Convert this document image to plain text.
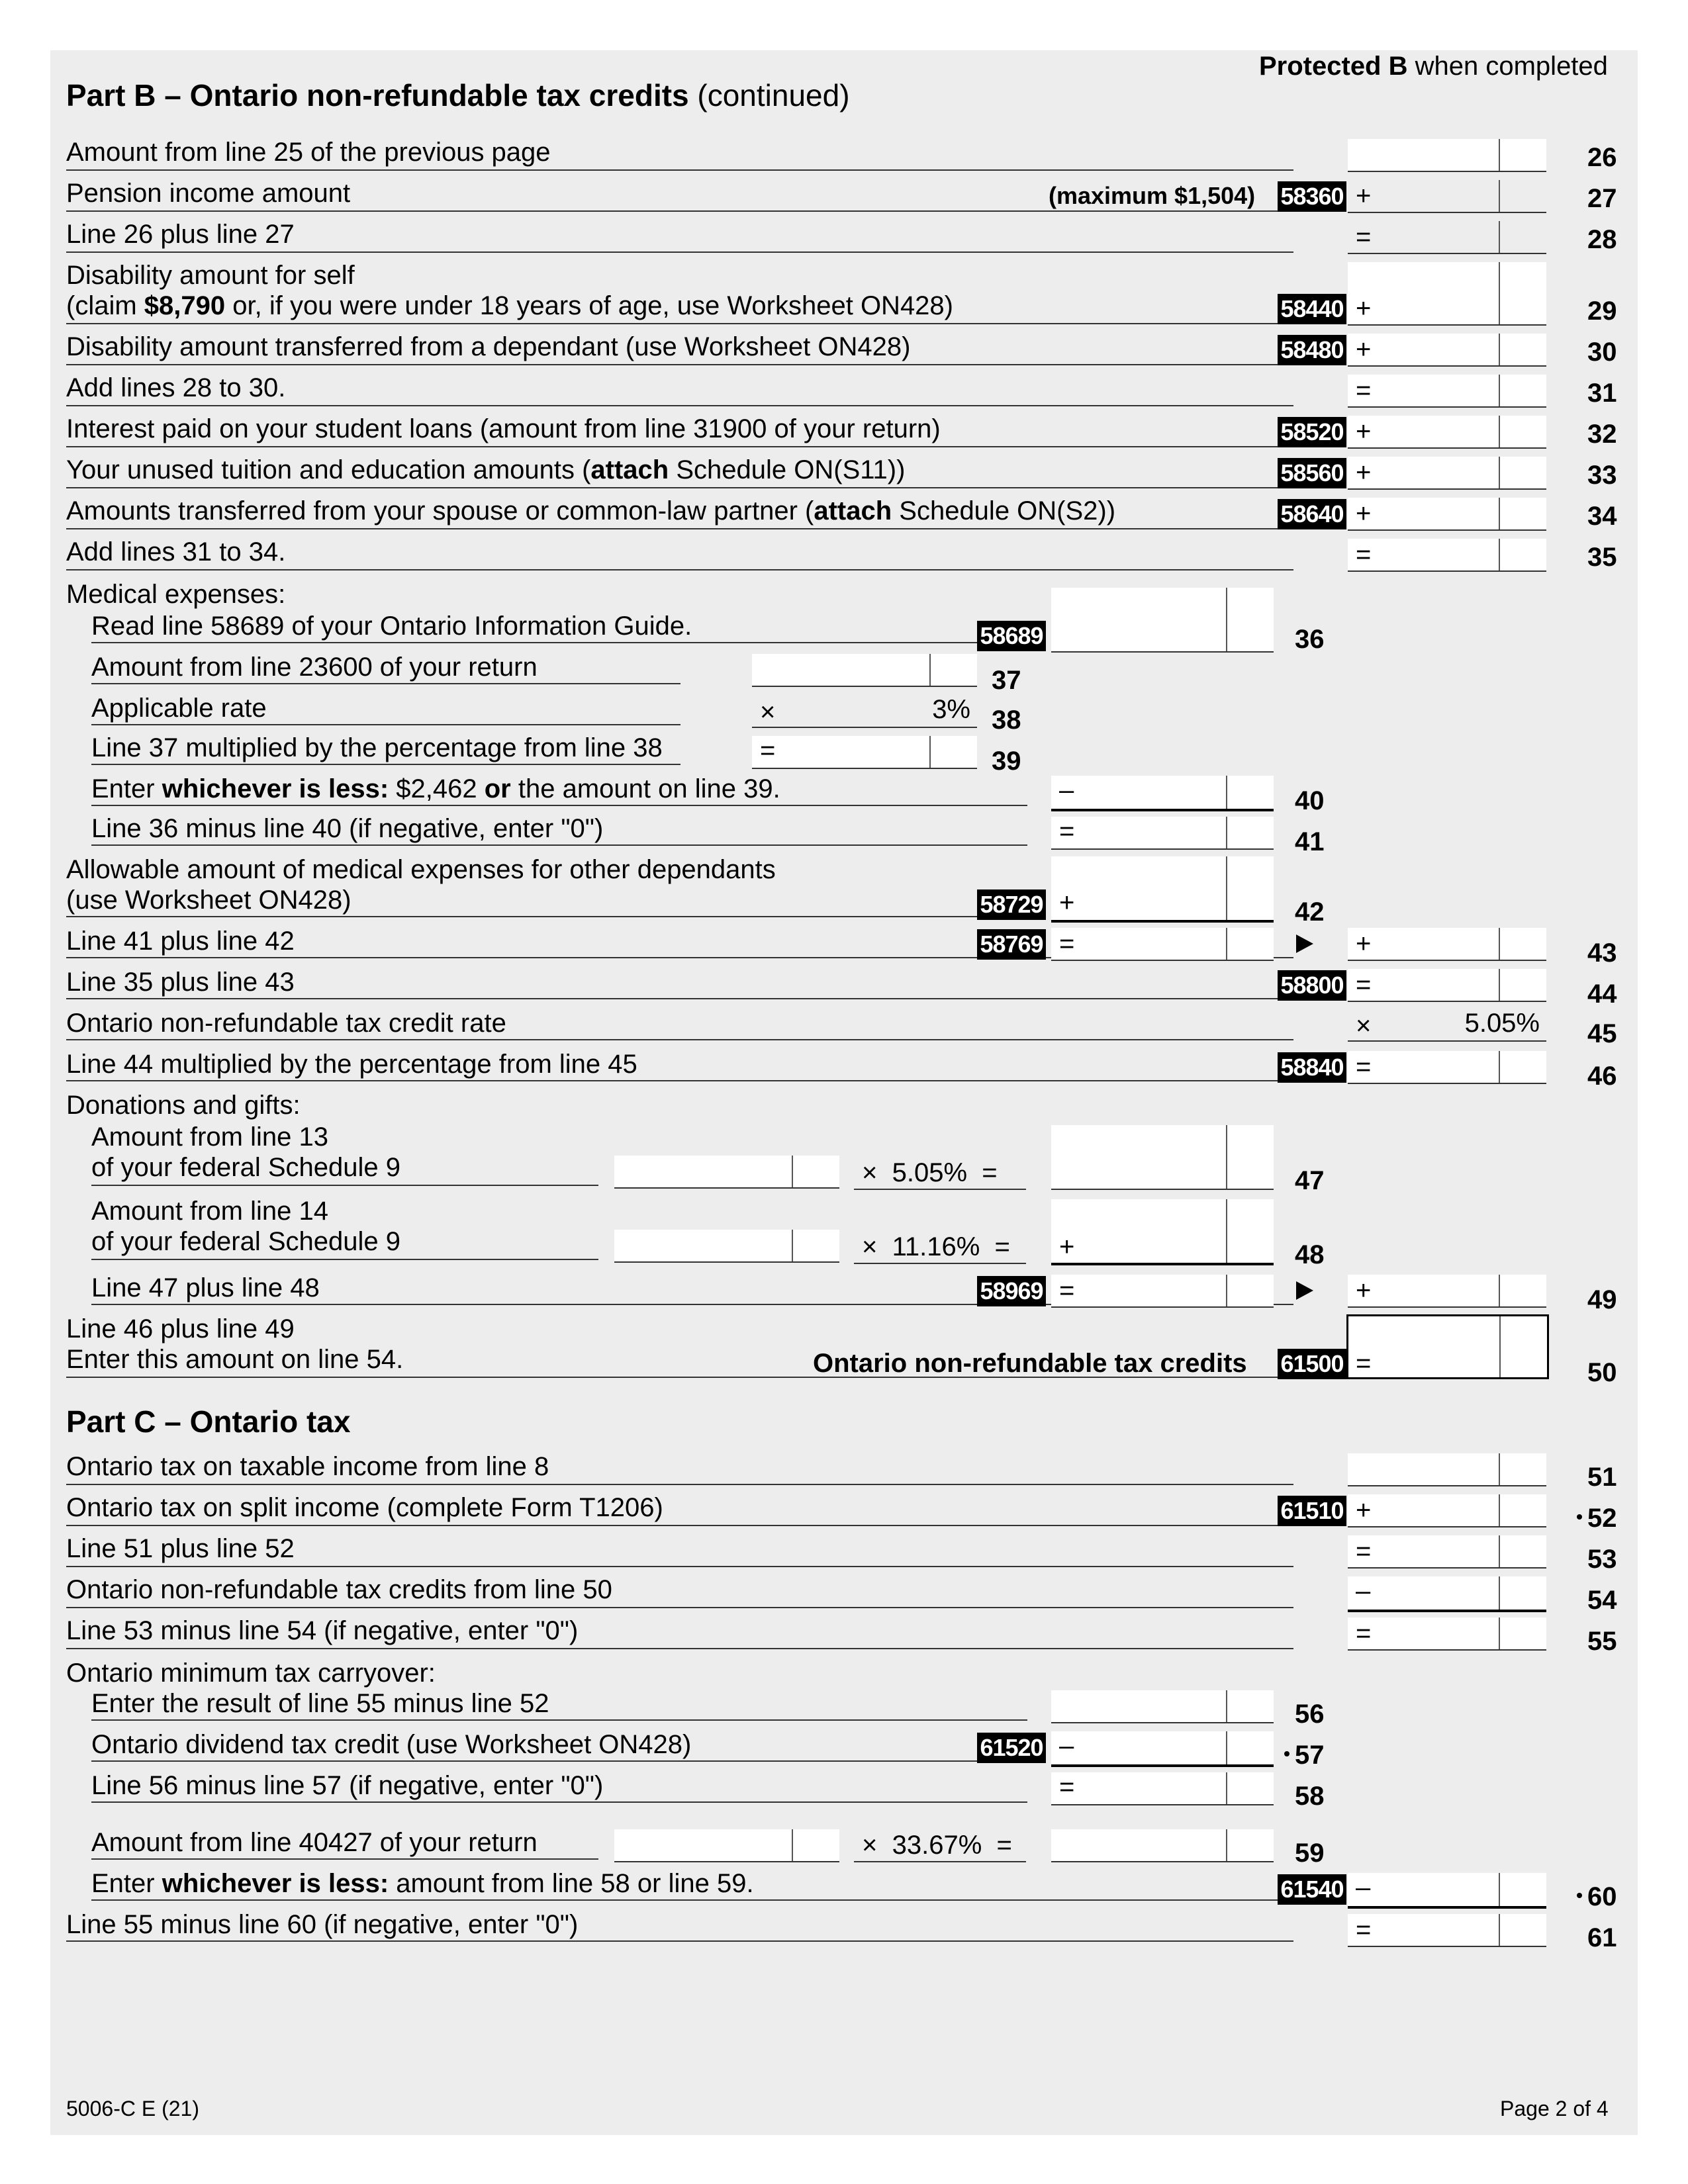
Protected B when completed
Part B – Ontario non-refundable tax credits (continued)
Amount from line 25 of the previous page	26
Pension income amount	(maximum $1,504) 58360 +	27
Line 26 plus line 27	=	28
Disability amount for self
(claim $8,790 or, if you were under 18 years of age, use Worksheet ON428)	58440 +	29
Disability amount transferred from a dependant (use Worksheet ON428)	58480 +	30
Add lines 28 to 30.	=	31
Interest paid on your student loans (amount from line 31900 of your return)	58520 +	32
Your unused tuition and education amounts (attach Schedule ON(S11))	58560 +	33
Amounts transferred from your spouse or common-law partner (attach Schedule ON(S2))	58640 +	34
Add lines 31 to 34.	=	35
Medical expenses:
Read line 58689 of your Ontario Information Guide.	58689	36
Amount from line 23600 of your return	37
Applicable rate	×	3% 38
Line 37 multiplied by the percentage from line 38	=	39
Enter whichever is less: $2,462 or the amount on line 39.	–	40
Line 36 minus line 40 (if negative, enter "0")	=	41
Allowable amount of medical expenses for other dependants
(use Worksheet ON428)	58729 +	42
Line 41 plus line 42	58769 =	+	43
Line 35 plus line 43	58800 =	44
Ontario non-refundable tax credit rate	×	5.05% 45
Line 44 multiplied by the percentage from line 45	58840 =	46
Donations and gifts:
Amount from line 13
of your federal Schedule 9	× 5.05% =	47
Amount from line 14
of your federal Schedule 9	× 11.16% = +	48
Line 47 plus line 48	58969 =	+	49
Line 46 plus line 49
Enter this amount on line 54.	Ontario non-refundable tax credits 61500 =	50
Part C – Ontario tax
Ontario tax on taxable income from line 8	51
Ontario tax on split income (complete Form T1206)	61510 +	52
Line 51 plus line 52	=	53
Ontario non-refundable tax credits from line 50	–	54
Line 53 minus line 54 (if negative, enter "0")	=	55
Ontario minimum tax carryover:
Enter the result of line 55 minus line 52	56
Ontario dividend tax credit (use Worksheet ON428)	61520 –	57
Line 56 minus line 57 (if negative, enter "0")	=	58
Amount from line 40427 of your return	× 33.67% =	59
Enter whichever is less: amount from line 58 or line 59.	61540 –	60
Line 55 minus line 60 (if negative, enter "0")	=	61
5006-C E (21)	Page 2 of 4
